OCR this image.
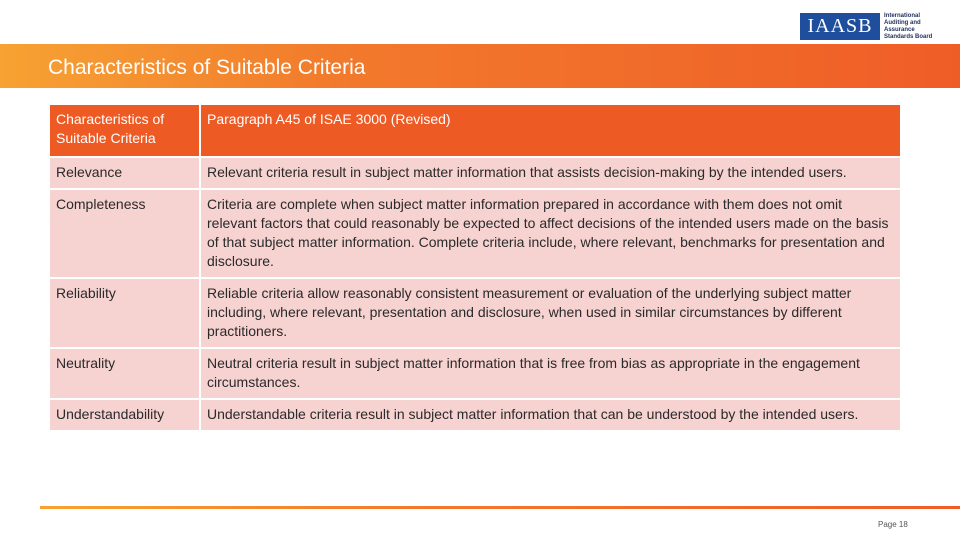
IAASB	International Auditing and Assurance Standards Board
Characteristics of Suitable Criteria
Characteristics of Suitable Criteria	Paragraph A45 of ISAE 3000 (Revised)
Relevance	Relevant criteria result in subject matter information that assists decision-making by the intended users.
Completeness	Criteria are complete when subject matter information prepared in accordance with them does not omit relevant factors that could reasonably be expected to affect decisions of the intended users made on the basis of that subject matter information. Complete criteria include, where relevant, benchmarks for presentation and disclosure.
Reliability	Reliable criteria allow reasonably consistent measurement or evaluation of the underlying subject matter including, where relevant, presentation and disclosure, when used in similar circumstances by different practitioners.
Neutrality	Neutral criteria result in subject matter information that is free from bias as appropriate in the engagement circumstances.
Understandability	Understandable criteria result in subject matter information that can be understood by the intended users.
Page 18
